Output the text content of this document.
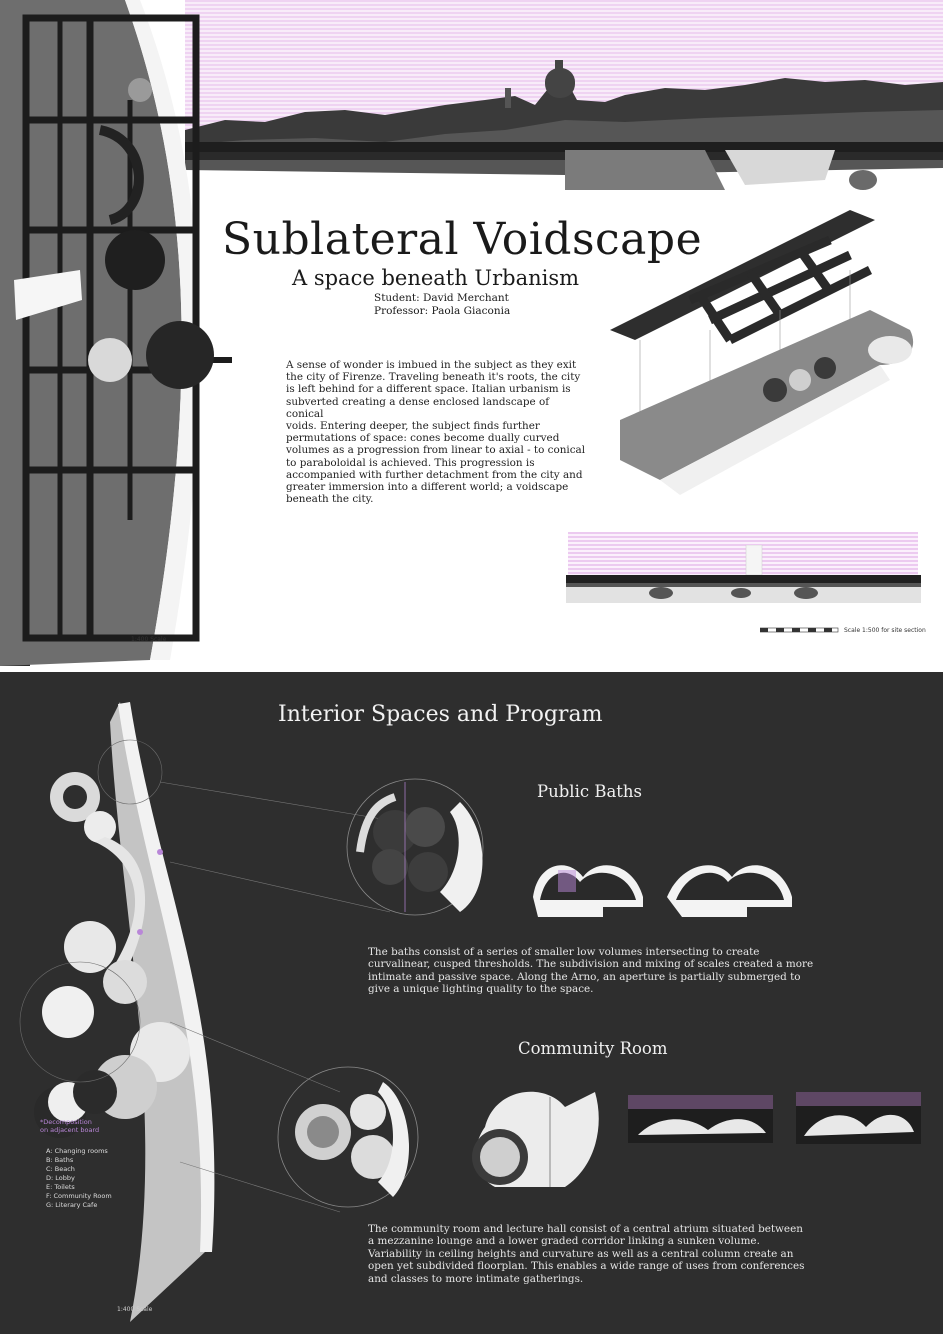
Sublateral Voidscape
A space beneath Urbanism
Student: David Merchant
Professor: Paola Giaconia
A sense of wonder is imbued in the subject as they exit
the city of Firenze. Traveling beneath it's roots, the city
is left behind for a different space. Italian urbanism is
subverted creating a dense enclosed landscape of conical
voids. Entering deeper, the subject finds further
permutations of space: cones become dually curved
volumes as a progression from linear to axial - to conical
to paraboloidal is achieved. This progression is
accompanied with further detachment from the city and
greater immersion into a different world; a voidscape
beneath the city.
Scale 1:500 for site section
1:400 Scale
Interior Spaces and Program
Public Baths
The baths consist of a series of smaller low volumes intersecting to create
curvalinear, cusped thresholds. The subdivision and mixing of scales created a more
intimate and passive space. Along the Arno, an aperture is partially submerged to
give a unique lighting quality to the space.
Community Room
The community room and lecture hall consist of a central atrium situated between
a mezzanine lounge and a lower graded corridor linking a sunken volume.
Variability in ceiling heights and curvature as well as a central column create an
open yet subdivided floorplan. This enables a wide range of uses from conferences
and classes to more intimate gatherings.
*Decomposition
on adjacent board
A: Changing rooms
B: Baths
C: Beach
D: Lobby
E: Toilets
F: Community Room
G: Literary Cafe
1:400 Scale
